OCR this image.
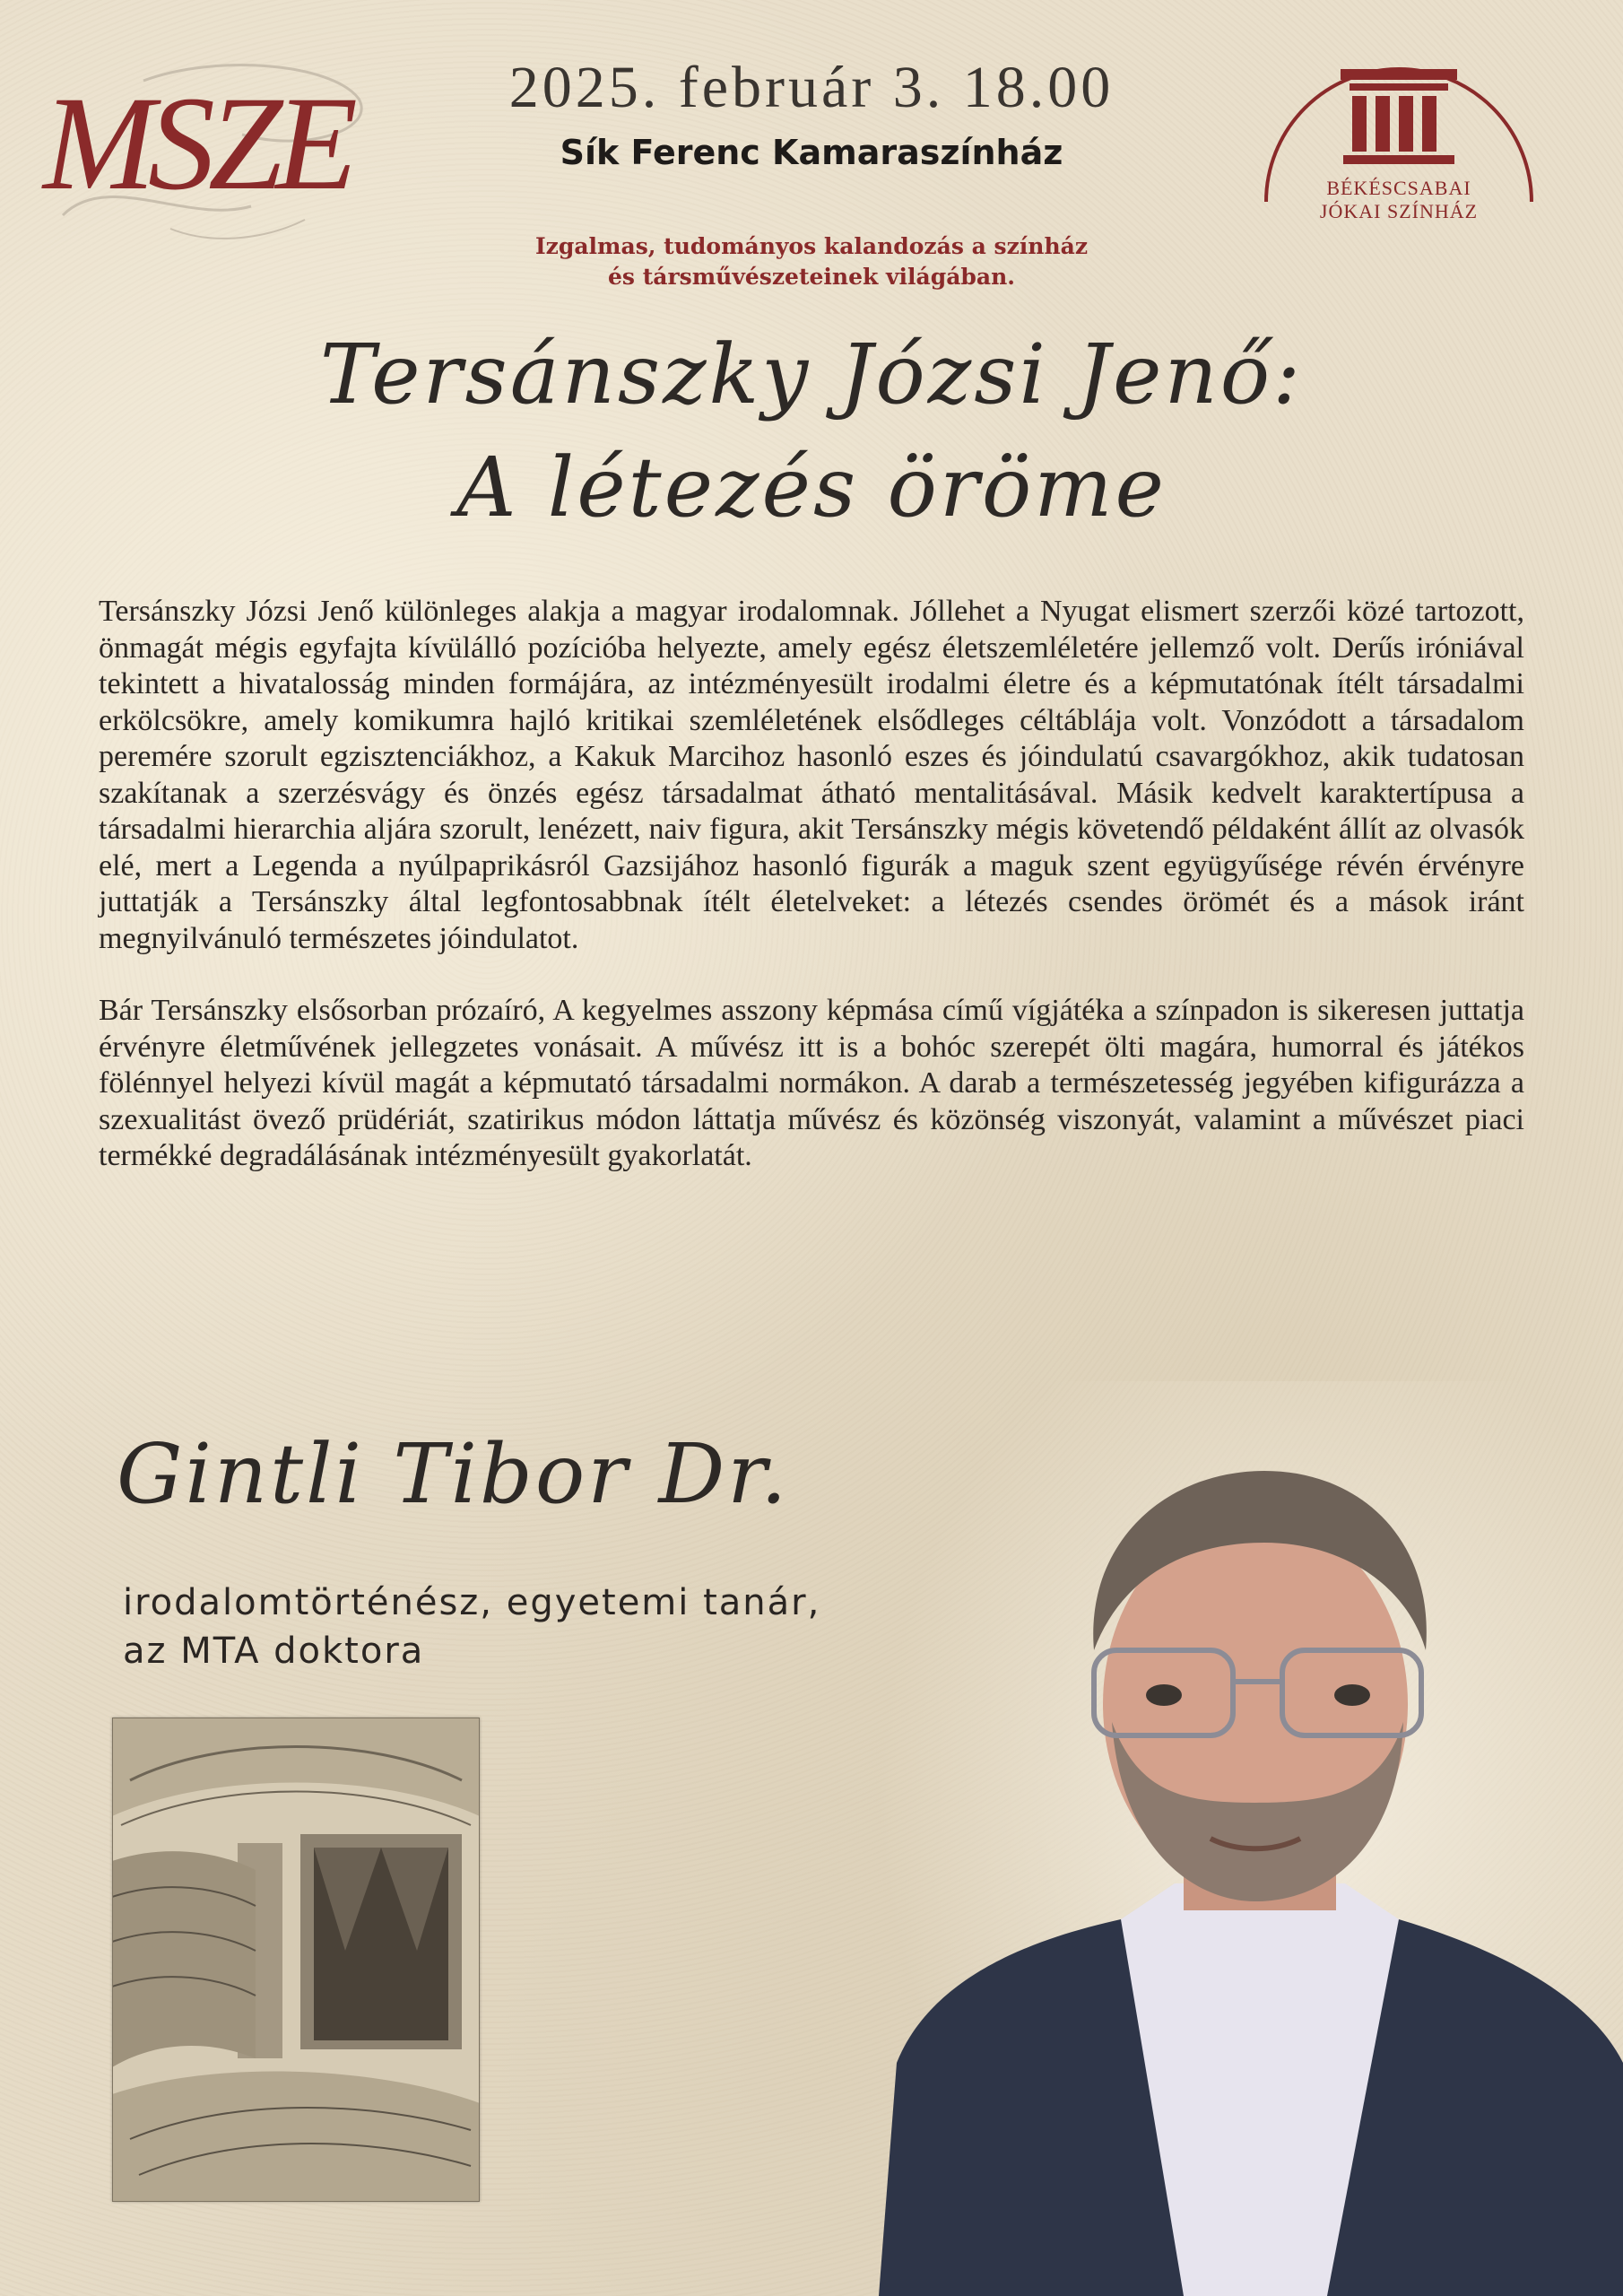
MSZE	2025. február 3. 18.00
Sík Ferenc Kamaraszínház
Izgalmas, tudományos kalandozás a színház
és társművészeteinek világában.
BÉKÉSCSABAI
JÓKAI SZÍNHÁZ
Tersánszky Józsi Jenő:
A létezés öröme

Tersánszky Józsi Jenő különleges alakja a magyar irodalomnak. Jóllehet a Nyugat elismert szerzői közé tartozott, önmagát mégis egyfajta kívülálló pozícióba helyezte, amely egész életszemléletére jellemző volt. Derűs iróniával tekintett a hivatalosság minden formájára, az intézményesült irodalmi életre és a képmutatónak ítélt társadalmi erkölcsökre, amely komikumra hajló kritikai szemléletének elsődleges céltáblája volt. Vonzódott a társadalom peremére szorult egzisztenciákhoz, a Kakuk Marcihoz hasonló eszes és jóindulatú csavargókhoz, akik tudatosan szakítanak a szerzésvágy és önzés egész társadalmat átható mentalitásával. Másik kedvelt karaktertípusa a társadalmi hierarchia aljára szorult, lenézett, naiv figura, akit Tersánszky mégis követendő példaként állít az olvasók elé, mert a Legenda a nyúlpaprikásról Gazsijához hasonló figurák a maguk szent együgyűsége révén érvényre juttatják a Tersánszky által legfontosabbnak ítélt életelveket: a létezés csendes örömét és a mások iránt megnyilvánuló természetes jóindulatot.

Bár Tersánszky elsősorban prózaíró, A kegyelmes asszony képmása című vígjátéka a színpadon is sikeresen juttatja érvényre életművének jellegzetes vonásait. A művész itt is a bohóc szerepét ölti magára, humorral és játékos fölénnyel helyezi kívül magát a képmutató társadalmi normákon. A darab a természetesség jegyében kifigurázza a szexualitást övező prüdériát, szatirikus módon láttatja művész és közönség viszonyát, valamint a művészet piaci termékké degradálásának intézményesült gyakorlatát.

Gintli Tibor Dr.
irodalomtörténész, egyetemi tanár,
az MTA doktora
